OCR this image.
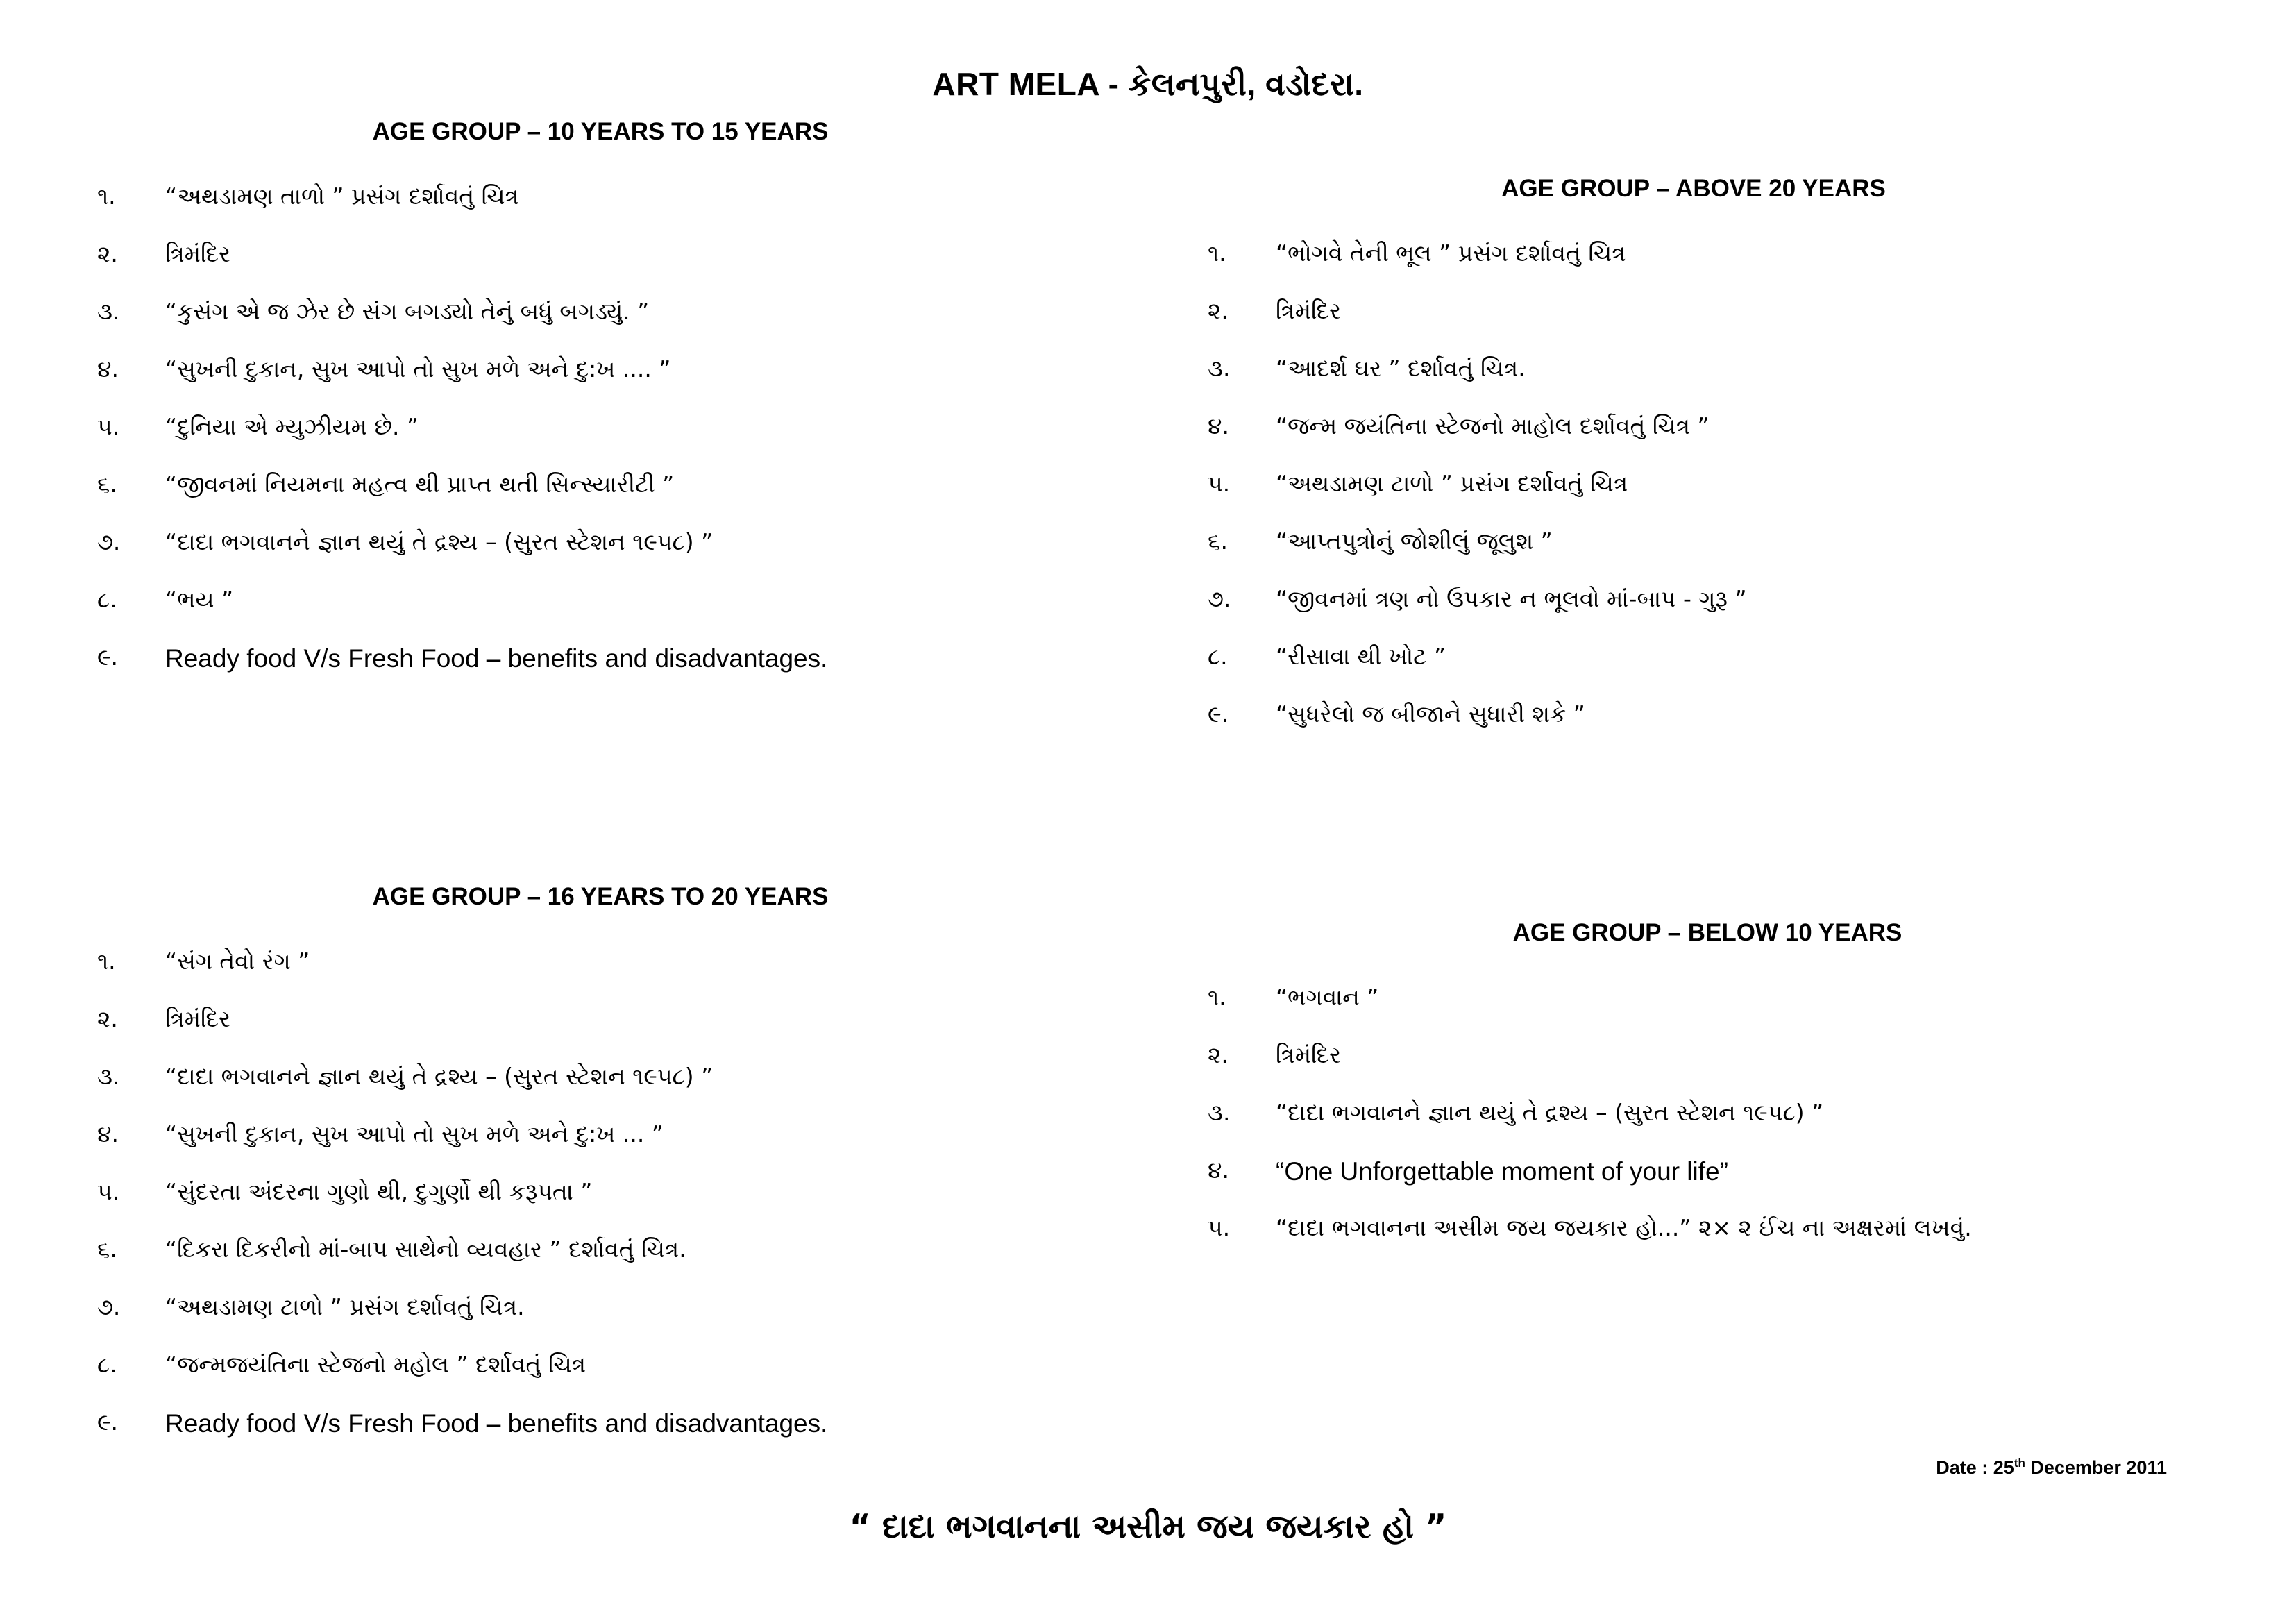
ART MELA - કેલનપુરી, વડોદરા.
AGE GROUP – 10 YEARS TO 15 YEARS
૧.	“અથડામણ તાળો ” પ્રસંગ દર્શાવતું ચિત્ર
૨.	ત્રિમંદિર
૩.	“કુસંગ એ જ ઝેર છે સંગ બગડ્યો તેનું બધું બગડ્યું. ”
૪.	“સુખની દુકાન, સુખ આપો તો સુખ મળે અને દુ:ખ .... ”
૫.	“દુનિયા એ મ્યુઝીયમ છે. ”
૬.	“જીવનમાં નિયમના મહત્વ થી પ્રાપ્ત થતી સિન્સ્યારીટી ”
૭.	“દાદા ભગવાનને જ્ઞાન થયું તે દ્રશ્ય – (સુરત સ્ટેશન ૧૯૫૮) ”
૮.	“ભય ”
૯.	Ready food V/s Fresh Food – benefits and disadvantages.
AGE GROUP – ABOVE 20 YEARS
૧.	“ભોગવે તેની ભૂલ ” પ્રસંગ દર્શાવતું ચિત્ર
૨.	ત્રિમંદિર
૩.	“આદર્શ ઘર ” દર્શાવતું ચિત્ર.
૪.	“જન્મ જયંતિના સ્ટેજનો માહોલ દર્શાવતું ચિત્ર ”
૫.	“અથડામણ ટાળો ” પ્રસંગ દર્શાવતું ચિત્ર
૬.	“આપ્તપુત્રોનું જોશીલું જૂલુશ ”
૭.	“જીવનમાં ત્રણ નો ઉપકાર ન ભૂલવો માં-બાપ - ગુરૂ ”
૮.	“રીસાવા થી ખોટ ”
૯.	“સુધરેલો જ બીજાને સુધારી શકે ”
AGE GROUP – 16 YEARS TO 20 YEARS
૧.	“સંગ તેવો રંગ ”
૨.	ત્રિમંદિર
૩.	“દાદા ભગવાનને જ્ઞાન થયું તે દ્રશ્ય – (સુરત સ્ટેશન ૧૯૫૮) ”
૪.	“સુખની દુકાન, સુખ આપો તો સુખ મળે અને દુ:ખ ... ”
૫.	“સુંદરતા અંદરના ગુણો થી, દુગુર્ણો થી કરૂપતા ”
૬.	“દિકરા દિકરીનો માં-બાપ સાથેનો વ્યવહાર ” દર્શાવતું ચિત્ર.
૭.	“અથડામણ ટાળો ” પ્રસંગ દર્શાવતું ચિત્ર.
૮.	“જન્મજયંતિના સ્ટેજનો મહોલ ” દર્શાવતું ચિત્ર
૯.	Ready food V/s Fresh Food – benefits and disadvantages.
AGE GROUP – BELOW 10 YEARS
૧.	“ભગવાન ”
૨.	ત્રિમંદિર
૩.	“દાદા ભગવાનને જ્ઞાન થયું તે દ્રશ્ય – (સુરત સ્ટેશન ૧૯૫૮) ”
૪.	“One Unforgettable moment of your life”
૫.	“દાદા ભગવાનના અસીમ જય જયકાર હો...” ૨× ૨ ઈંચ ના અક્ષરમાં લખવું.
Date : 25th December 2011
“ દાદા ભગવાનના અસીમ જય જયકાર હો ”
